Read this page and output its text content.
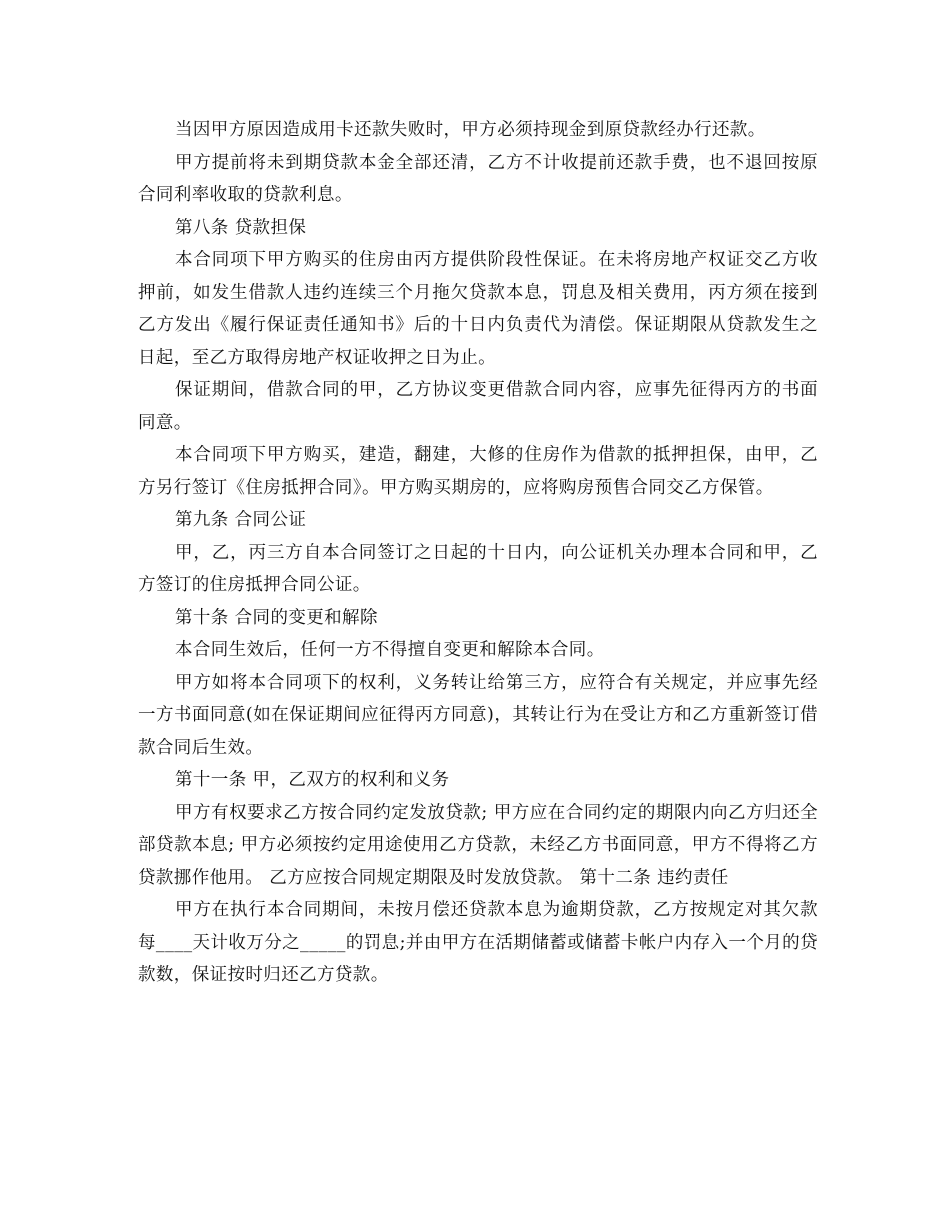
当因甲方原因造成用卡还款失败时，甲方必须持现金到原贷款经办行还款。

甲方提前将未到期贷款本金全部还清，乙方不计收提前还款手费，也不退回按原合同利率收取的贷款利息。

第八条 贷款担保

本合同项下甲方购买的住房由丙方提供阶段性保证。在未将房地产权证交乙方收押前，如发生借款人违约连续三个月拖欠贷款本息，罚息及相关费用，丙方须在接到乙方发出《履行保证责任通知书》后的十日内负责代为清偿。保证期限从贷款发生之日起，至乙方取得房地产权证收押之日为止。

保证期间，借款合同的甲，乙方协议变更借款合同内容，应事先征得丙方的书面同意。

本合同项下甲方购买，建造，翻建，大修的住房作为借款的抵押担保，由甲，乙方另行签订《住房抵押合同》。甲方购买期房的，应将购房预售合同交乙方保管。

第九条 合同公证

甲，乙，丙三方自本合同签订之日起的十日内，向公证机关办理本合同和甲，乙方签订的住房抵押合同公证。

第十条 合同的变更和解除

本合同生效后，任何一方不得擅自变更和解除本合同。

甲方如将本合同项下的权利，义务转让给第三方，应符合有关规定，并应事先经一方书面同意(如在保证期间应征得丙方同意)，其转让行为在受让方和乙方重新签订借款合同后生效。

第十一条 甲，乙双方的权利和义务

甲方有权要求乙方按合同约定发放贷款; 甲方应在合同约定的期限内向乙方归还全部贷款本息; 甲方必须按约定用途使用乙方贷款，未经乙方书面同意，甲方不得将乙方贷款挪作他用。 乙方应按合同规定期限及时发放贷款。 第十二条 违约责任

甲方在执行本合同期间，未按月偿还贷款本息为逾期贷款，乙方按规定对其欠款每____天计收万分之_____的罚息;并由甲方在活期储蓄或储蓄卡帐户内存入一个月的贷款数，保证按时归还乙方贷款。
